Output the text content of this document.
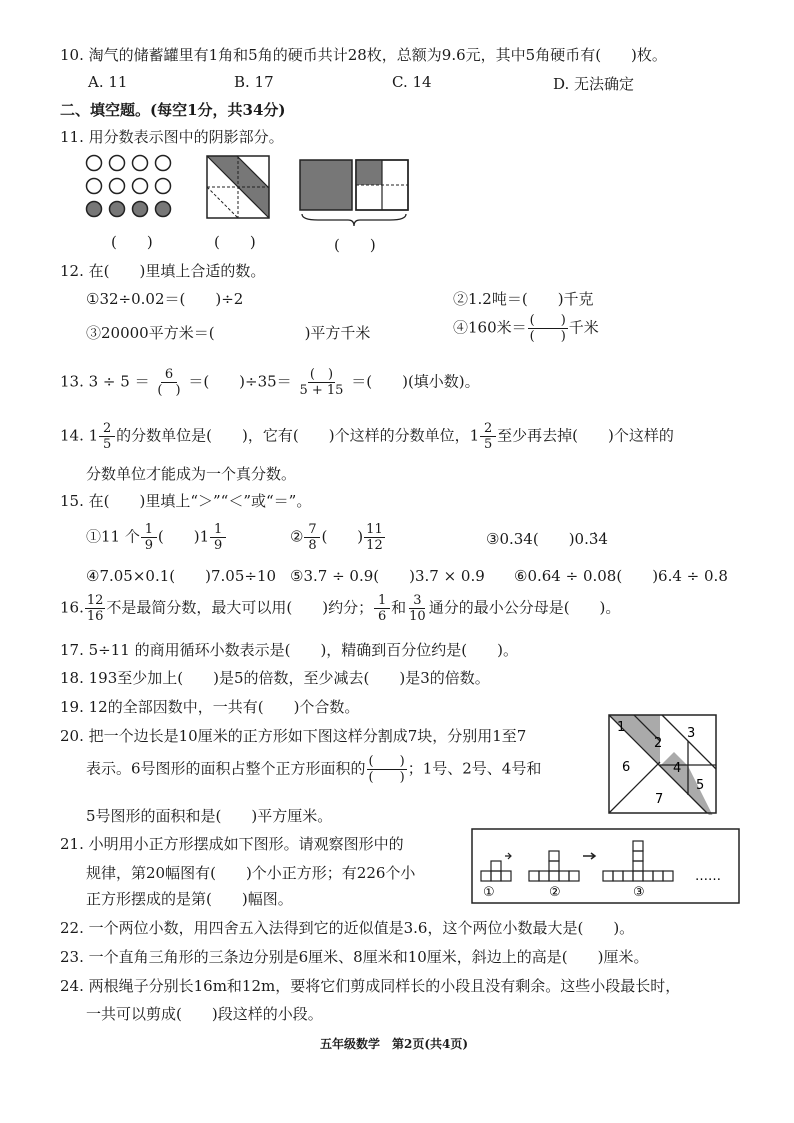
10. 淘气的储蓄罐里有1角和5角的硬币共计28枚，总额为9.6元，其中5角硬币有(　　)枚。
A. 11	B. 17	C. 14	D. 无法确定
二、填空题。(每空1分，共34分)
11. 用分数表示图中的阴影部分。
(　　)	(　　)	(　　)
12. 在(　　)里填上合适的数。
①32÷0.02＝(　　)÷2	②1.2吨＝(　　)千克
③20000平方米＝(　　　　　　)平方千米	④160米＝ $\frac{( )}{( )}$ 千米
13. $3 \div 5 = \frac{6}{( )}$ ＝(　　)$\div 35= \frac{( )}{5 + 15}$ ＝(　　)(填小数)。
14. $1 \frac{2}{5}$ 的分数单位是(　　)，它有(　　)个这样的分数单位，$1 \frac{2}{5}$ 至少再去掉(　　)个这样的
分数单位才能成为一个真分数。
15. 在(　　)里填上“＞”“＜”或“＝”。
①11 个 $\frac{1}{9}$ (　　)$1 \frac{1}{9}$	② $\frac{7}{8}$ (　　) $\frac{11}{12}$	③0.34(　　)0.3̇4̇
④7.05×0.1(　　)7.05÷10 ⑤3.7 ÷ 0.9(　　)3.7 × 0.9 ⑥0.64 ÷ 0.08(　　)6.4 ÷ 0.8
16. $\frac{12}{16}$ 不是最简分数，最大可以用(　　)约分； $\frac{1}{6}$ 和 $\frac{3}{10}$ 通分的最小公分母是(　　)。
17. 5÷11 的商用循环小数表示是(　　)，精确到百分位约是(　　)。
18. 193至少加上(　　)是5的倍数，至少减去(　　)是3的倍数。
19. 12的全部因数中，一共有(　　)个合数。
20. 把一个边长是10厘米的正方形如下图这样分割成7块，分别用1至7
表示。6号图形的面积占整个正方形面积的 $\frac{( )}{( )}$ ；1号、2号、4号和
5号图形的面积和是(　　)平方厘米。
1
2
3
4
5
6
7
21. 小明用小正方形摆成如下图形。请观察图形中的
规律，第20幅图有(　　)个小正方形；有226个小
正方形摆成的是第(　　)幅图。	①	②	③
……
22. 一个两位小数，用四舍五入法得到它的近似值是3.6，这个两位小数最大是(　　)。
23. 一个直角三角形的三条边分别是6厘米、8厘米和10厘米，斜边上的高是(　　)厘米。
24. 两根绳子分别长16m和12m，要将它们剪成同样长的小段且没有剩余。这些小段最长时，
一共可以剪成(　　)段这样的小段。
五年级数学　第2页(共4页)
